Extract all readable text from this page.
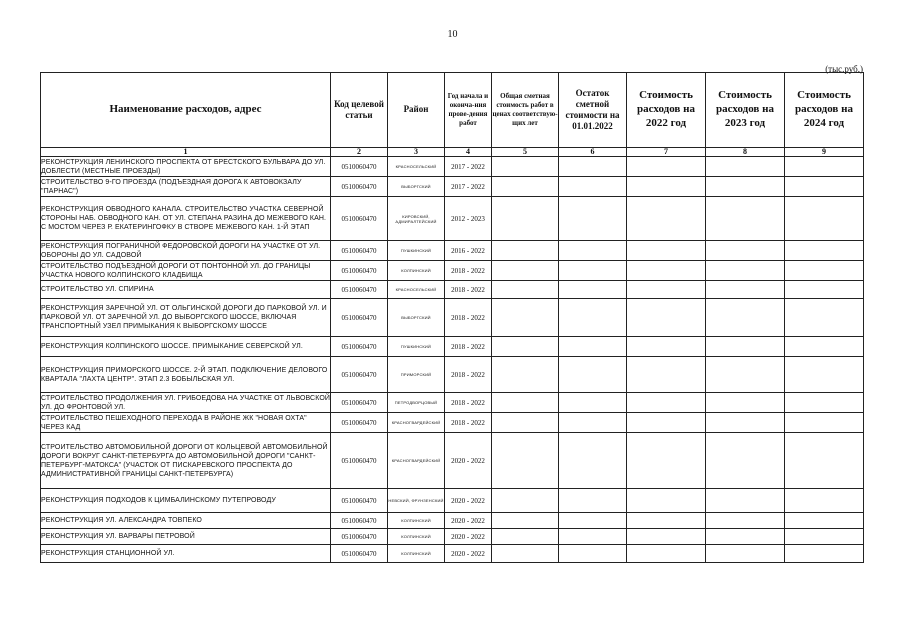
10
(тыс.руб.)
Наименование расходов, адрес	Код целевой статьи	Район	Год начала и оконча-ния прове-дения работ	Общая сметная стоимость работ в ценах соответствую-щих лет	Остаток сметной стоимости на 01.01.2022	Стоимость расходов на 2022 год	Стоимость расходов на 2023 год	Стоимость расходов на 2024 год
1	2	3	4	5	6	7	8	9
РЕКОНСТРУКЦИЯ ЛЕНИНСКОГО ПРОСПЕКТА ОТ БРЕСТСКОГО БУЛЬВАРА ДО УЛ. ДОБЛЕСТИ (МЕСТНЫЕ ПРОЕЗДЫ)	0510060470	КРАСНОСЕЛЬСКИЙ	2017 - 2022					
СТРОИТЕЛЬСТВО 9-ГО ПРОЕЗДА (ПОДЪЕЗДНАЯ ДОРОГА К АВТОВОКЗАЛУ "ПАРНАС")	0510060470	ВЫБОРГСКИЙ	2017 - 2022					
РЕКОНСТРУКЦИЯ ОБВОДНОГО КАНАЛА. СТРОИТЕЛЬСТВО УЧАСТКА СЕВЕРНОЙ СТОРОНЫ НАБ. ОБВОДНОГО КАН. ОТ УЛ. СТЕПАНА РАЗИНА ДО МЕЖЕВОГО КАН. С МОСТОМ ЧЕРЕЗ Р. ЕКАТЕРИНГОФКУ В СТВОРЕ МЕЖЕВОГО КАН. 1-Й ЭТАП	0510060470	КИРОВСКИЙ, АДМИРАЛТЕЙСКИЙ	2012 - 2023					
РЕКОНСТРУКЦИЯ ПОГРАНИЧНОЙ ФЕДОРОВСКОЙ ДОРОГИ НА УЧАСТКЕ ОТ УЛ. ОБОРОНЫ ДО УЛ. САДОВОЙ	0510060470	ПУШКИНСКИЙ	2016 - 2022					
СТРОИТЕЛЬСТВО ПОДЪЕЗДНОЙ ДОРОГИ ОТ ПОНТОННОЙ УЛ. ДО ГРАНИЦЫ УЧАСТКА НОВОГО КОЛПИНСКОГО КЛАДБИЩА	0510060470	КОЛПИНСКИЙ	2018 - 2022					
СТРОИТЕЛЬСТВО УЛ. СПИРИНА	0510060470	КРАСНОСЕЛЬСКИЙ	2018 - 2022					
РЕКОНСТРУКЦИЯ ЗАРЕЧНОЙ УЛ. ОТ ОЛЬГИНСКОЙ ДОРОГИ ДО ПАРКОВОЙ УЛ. И ПАРКОВОЙ УЛ. ОТ ЗАРЕЧНОЙ УЛ. ДО ВЫБОРГСКОГО ШОССЕ, ВКЛЮЧАЯ ТРАНСПОРТНЫЙ УЗЕЛ ПРИМЫКАНИЯ К ВЫБОРГСКОМУ ШОССЕ	0510060470	ВЫБОРГСКИЙ	2018 - 2022					
РЕКОНСТРУКЦИЯ КОЛПИНСКОГО ШОССЕ. ПРИМЫКАНИЕ СЕВЕРСКОЙ УЛ.	0510060470	ПУШКИНСКИЙ	2018 - 2022					
РЕКОНСТРУКЦИЯ ПРИМОРСКОГО ШОССЕ. 2-Й ЭТАП. ПОДКЛЮЧЕНИЕ ДЕЛОВОГО КВАРТАЛА "ЛАХТА ЦЕНТР". ЭТАП 2.3 БОБЫЛЬСКАЯ УЛ.	0510060470	ПРИМОРСКИЙ	2018 - 2022					
СТРОИТЕЛЬСТВО ПРОДОЛЖЕНИЯ УЛ. ГРИБОЕДОВА НА УЧАСТКЕ ОТ ЛЬВОВСКОЙ УЛ. ДО ФРОНТОВОЙ УЛ.	0510060470	ПЕТРОДВОРЦОВЫЙ	2018 - 2022					
СТРОИТЕЛЬСТВО ПЕШЕХОДНОГО ПЕРЕХОДА В РАЙОНЕ ЖК "НОВАЯ ОХТА" ЧЕРЕЗ КАД	0510060470	КРАСНОГВАРДЕЙСКИЙ	2018 - 2022					
СТРОИТЕЛЬСТВО АВТОМОБИЛЬНОЙ ДОРОГИ ОТ КОЛЬЦЕВОЙ АВТОМОБИЛЬНОЙ ДОРОГИ ВОКРУГ САНКТ-ПЕТЕРБУРГА ДО АВТОМОБИЛЬНОЙ ДОРОГИ "САНКТ-ПЕТЕРБУРГ-МАТОКСА" (УЧАСТОК ОТ ПИСКАРЕВСКОГО ПРОСПЕКТА ДО АДМИНИСТРАТИВНОЙ ГРАНИЦЫ САНКТ-ПЕТЕРБУРГА)	0510060470	КРАСНОГВАРДЕЙСКИЙ	2020 - 2022					
РЕКОНСТРУКЦИЯ ПОДХОДОВ К ЦИМБАЛИНСКОМУ ПУТЕПРОВОДУ	0510060470	НЕВСКИЙ, ФРУНЗЕНСКИЙ	2020 - 2022					
РЕКОНСТРУКЦИЯ УЛ. АЛЕКСАНДРА ТОВПЕКО	0510060470	КОЛПИНСКИЙ	2020 - 2022					
РЕКОНСТРУКЦИЯ УЛ. ВАРВАРЫ ПЕТРОВОЙ	0510060470	КОЛПИНСКИЙ	2020 - 2022					
РЕКОНСТРУКЦИЯ СТАНЦИОННОЙ УЛ.	0510060470	КОЛПИНСКИЙ	2020 - 2022					
